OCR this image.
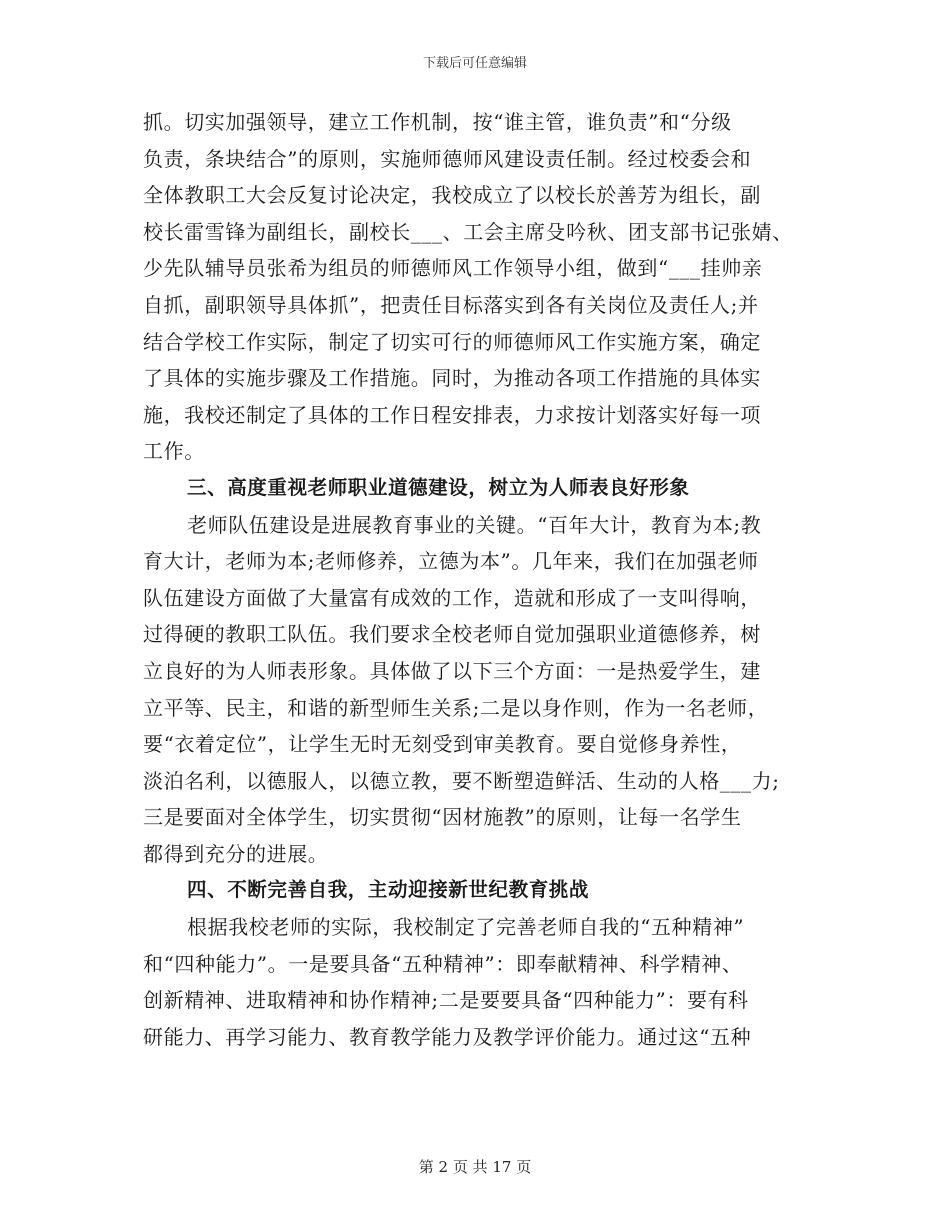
下载后可任意编辑
抓。切实加强领导，建立工作机制，按“谁主管，谁负责”和“分级
负责，条块结合”的原则，实施师德师风建设责任制。经过校委会和
全体教职工大会反复讨论决定，我校成立了以校长於善芳为组长，副
校长雷雪锋为副组长，副校长___、工会主席殳吟秋、团支部书记张婧、
少先队辅导员张希为组员的师德师风工作领导小组，做到“___挂帅亲
自抓，副职领导具体抓”，把责任目标落实到各有关岗位及责任人;并
结合学校工作实际，制定了切实可行的师德师风工作实施方案，确定
了具体的实施步骤及工作措施。同时，为推动各项工作措施的具体实
施，我校还制定了具体的工作日程安排表，力求按计划落实好每一项
工作。
三、高度重视老师职业道德建设，树立为人师表良好形象
老师队伍建设是进展教育事业的关键。“百年大计，教育为本;教
育大计，老师为本;老师修养，立德为本”。几年来，我们在加强老师
队伍建设方面做了大量富有成效的工作，造就和形成了一支叫得响，
过得硬的教职工队伍。我们要求全校老师自觉加强职业道德修养，树
立良好的为人师表形象。具体做了以下三个方面：一是热爱学生，建
立平等、民主，和谐的新型师生关系;二是以身作则，作为一名老师，
要“衣着定位”，让学生无时无刻受到审美教育。要自觉修身养性，
淡泊名利，以德服人，以德立教，要不断塑造鲜活、生动的人格___力;
三是要面对全体学生，切实贯彻“因材施教”的原则，让每一名学生
都得到充分的进展。
四、不断完善自我，主动迎接新世纪教育挑战
根据我校老师的实际，我校制定了完善老师自我的“五种精神”
和“四种能力”。一是要具备“五种精神”：即奉献精神、科学精神、
创新精神、进取精神和协作精神;二是要要具备“四种能力”：要有科
研能力、再学习能力、教育教学能力及教学评价能力。通过这“五种
第 2 页 共 17 页
